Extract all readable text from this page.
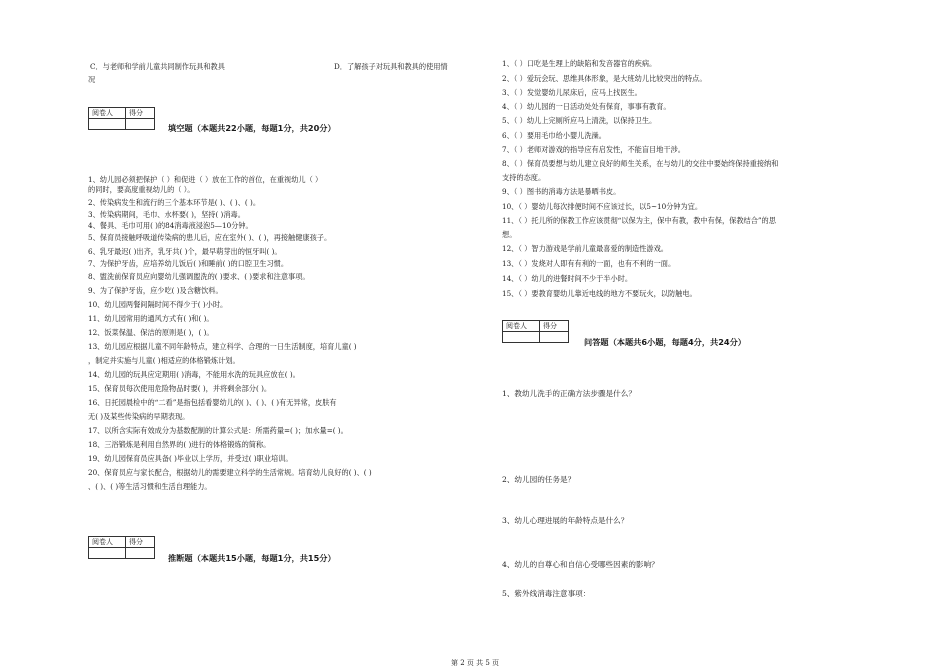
C．与老师和学前儿童共同制作玩具和教具	D．了解孩子对玩具和教具的使用情
况
阅卷人	得分
填空题（本题共22小题，每题1分，共20分）
1、幼儿园必须把保护（ ）和促进（ ）放在工作的首位，在重视幼儿（ ）
的同时，要高度重视幼儿的（ ）。
2、传染病发生和流行的三个基本环节是( )、( )、( )。
3、传染病期间，毛巾、水杯要( )，坚持( )消毒。
4、餐具、毛巾可用( )的84消毒液浸泡5—10分钟。
5、保育员接触呼吸道传染病的患儿后，应在室外( )、( )，再接触健康孩子。
6、乳牙最迟( )出齐，乳牙共( )个，最早萌芽出的恒牙叫( )。
7、为保护牙齿，应培养幼儿饭后( )和睡前( )的口腔卫生习惯。
8、盥洗前保育员应向婴幼儿强调盥洗的( )要求、( )要求和注意事项。
9、为了保护牙齿，应少吃( )及含糖饮料。
10、幼儿园两餐间隔时间不得少于( )小时。
11、幼儿园常用的通风方式有( )和( )。
12、饭菜保温、保洁的原则是( )，( )。
13、幼儿园应根据儿童不同年龄特点，建立科学、合理的一日生活制度，培育儿童( )
，制定并实施与儿童( )相适应的体格锻炼计划。
14、幼儿园的玩具应定期用( )消毒，不能用水洗的玩具应放在( )。
15、保育员每次使用危险物品时要( )，并将剩余部分( )。
16、日托园晨检中的“二看”是指包括看婴幼儿的( )、( )、( )有无异常，皮肤有
无( )及某些传染病的早期表现。
17、以所含实际有效成分为基数配制的计算公式是：所需药量=( )；加水量=( )。
18、三浴锻炼是利用自然界的( )进行的体格锻炼的简称。
19、幼儿园保育员应具备( )毕业以上学历，并受过( )职业培训。
20、保育员应与家长配合，根据幼儿的需要建立科学的生活常规。培育幼儿良好的( )、( )
、( )、( )等生活习惯和生活自理能力。
阅卷人	得分
推断题（本题共15小题，每题1分，共15分）
1、（ ）口吃是生理上的缺陷和发音器官的疾病。
2、（ ）爱玩会玩、思维具体形象，是大班幼儿比较突出的特点。
3、（ ）发觉婴幼儿尿床后，应马上找医生。
4、（ ）幼儿园的一日活动处处有保育，事事有教育。
5、（ ）幼儿上完厕所应马上清洗，以保持卫生。
6、（ ）要用毛巾给小婴儿洗澡。
7、（ ）老师对游戏的指导应有启发性，不能盲目地干涉。
8、（ ）保育员要想与幼儿建立良好的师生关系，在与幼儿的交往中要始终保持重接纳和
支持的态度。
9、（ ）图书的消毒方法是暴晒书皮。
10、（ ）婴幼儿每次排便时间不应该过长，以5~10分钟为宜。
11、（ ）托儿所的保教工作应该贯彻“以保为主，保中有教，教中有保，保教结合”的思
想。
12、（ ）智力游戏是学前儿童最喜爱的制造性游戏。
13、（ ）发烧对人即有有利的一面，也有不利的一面。
14、（ ）幼儿的进餐时间不少于半小时。
15、（ ）要教育婴幼儿靠近电线的地方不要玩火，以防触电。
阅卷人	得分
问答题（本题共6小题，每题4分，共24分）
1、教幼儿洗手的正确方法步骤是什么？
2、幼儿园的任务是？
3、幼儿心理进展的年龄特点是什么？
4、幼儿的自尊心和自信心受哪些因素的影响？
5、紫外线消毒注意事项：
第 2 页 共 5 页
